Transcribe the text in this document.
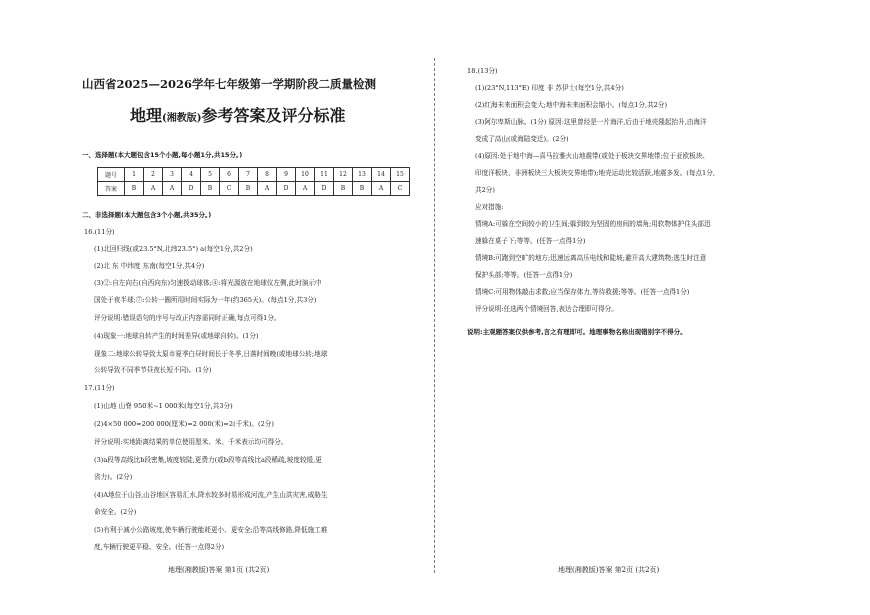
山西省2025—2026学年七年级第一学期阶段二质量检测
地理(湘教版)参考答案及评分标准
一、选择题(本大题包含15个小题,每小题1分,共15分。)
题号	1	2	3	4	5	6	7	8	9	10	11	12	13	14	15
答案	B	A	A	D	B	C	B	A	D	A	D	B	B	A	C
二、非选择题(本大题包含3个小题,共35分。)
16.(11分)
(1)北回归线(或23.5°N,北纬23.5°) a(每空1分,共2分)
(2)北 东 中纬度 东南(每空1分,共4分)
(3)②:自左向右(自西向东)匀速拨动球体;④:将光源放在地球仪左侧,此时演示中
国处于夜半球;⑦:公转一圈所用时间实际为一年(约365天)。(每点1分,共3分)
评分说明:错误语句的序号与改正内容需同时正确,每点可得1分。
(4)现象一:地球自转产生的时间差异(或地球自转)。(1分)
现象二:地球公转导致太原市夏季白昼时间长于冬季,日落时间晚(或地球公转;地球
公转导致不同季节昼夜长短不同)。(1分)
17.(11分)
(1)山地 山脊 950米~1 000米(每空1分,共3分)
(2)4×50 000=200 000(厘米)=2 000(米)=2(千米)。(2分)
评分说明:实地距离结果的单位使用厘米、米、千米表示均可得分。
(3)a段等高线比b段密集,坡度较陡,更费力(或b段等高线比a段稀疏,坡度较缓,更
省力)。(2分)
(4)A地位于山谷,山谷地区容易汇水,降水较多时易形成河流,产生山洪灾害,威胁生
命安全。(2分)
(5)有利于减小公路坡度,使车辆行驶能耗更小、更安全;沿等高线修路,降低施工难
度,车辆行驶更平稳、安全。(任答一点得2分)
地理(湘教版)答案 第1页 (共2页)
18.(13分)
(1)(23°N,113°E) 印度 非 苏伊士(每空1分,共4分)
(2)红海未来面积会变大;地中海未来面积会缩小。(每点1分,共2分)
(3)阿尔卑斯山脉。(1分) 原因:这里曾经是一片海洋,后由于地壳隆起抬升,由海洋
变成了高山(或海陆变迁)。(2分)
(4)原因:处于地中海—喜马拉雅火山地震带(或处于板块交界地带;位于亚欧板块、
印度洋板块、非洲板块三大板块交界地带);地壳运动比较活跃,地震多发。(每点1分,
共2分)
应对措施:
情境A:可躲在空间较小的卫生间;躲到较为坚固的房间的墙角;用软物体护住头部迅
速躲在桌子下;等等。(任答一点得1分)
情境B:可跑到空旷的地方;迅速远离高压电线和陡坡;避开高大建筑物;逃生时注意
保护头部;等等。(任答一点得1分)
情境C:可用物体敲击求救;应当保存体力,等待救援;等等。(任答一点得1分)
评分说明:任选两个情境回答,表达合理即可得分。
说明:主观题答案仅供参考,言之有理即可。地理事物名称出现错别字不得分。
地理(湘教版)答案 第2页 (共2页)
